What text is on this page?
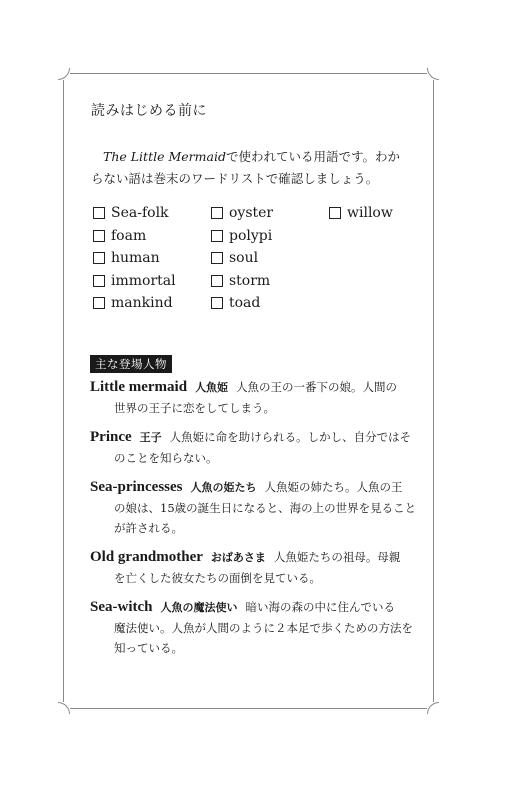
読みはじめる前に
The Little Mermaidで使われている用語です。わか
らない語は巻末のワードリストで確認しましょう。
Sea-folk	oyster	willow
foam	polypi
human	soul
immortal	storm
mankind	toad
主な登場人物
Little mermaid 人魚姫 人魚の王の一番下の娘。人間の
世界の王子に恋をしてしまう。
Prince 王子 人魚姫に命を助けられる。しかし、自分ではそ
のことを知らない。
Sea-princesses 人魚の姫たち 人魚姫の姉たち。人魚の王
の娘は、15歳の誕生日になると、海の上の世界を見ること
が許される。
Old grandmother おばあさま 人魚姫たちの祖母。母親
を亡くした彼女たちの面倒を見ている。
Sea-witch 人魚の魔法使い 暗い海の森の中に住んでいる
魔法使い。人魚が人間のように２本足で歩くための方法を
知っている。
